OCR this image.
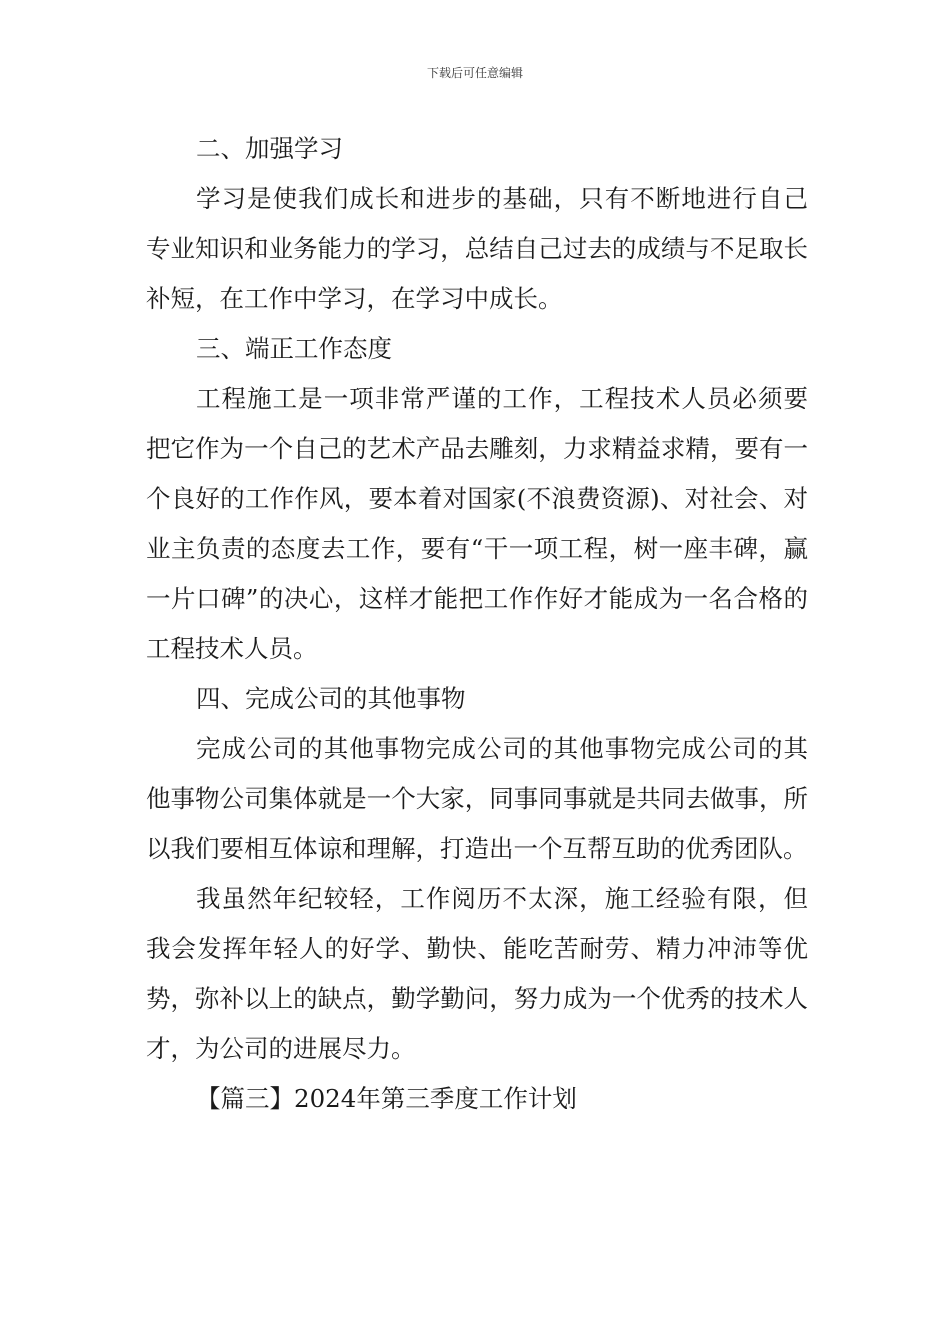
下载后可任意编辑

二、加强学习

学习是使我们成长和进步的基础，只有不断地进行自己专业知识和业务能力的学习，总结自己过去的成绩与不足取长补短，在工作中学习，在学习中成长。

三、端正工作态度

工程施工是一项非常严谨的工作，工程技术人员必须要把它作为一个自己的艺术产品去雕刻，力求精益求精，要有一个良好的工作作风，要本着对国家(不浪费资源)、对社会、对业主负责的态度去工作，要有“干一项工程，树一座丰碑，赢一片口碑”的决心，这样才能把工作作好才能成为一名合格的工程技术人员。

四、完成公司的其他事物

完成公司的其他事物完成公司的其他事物完成公司的其他事物公司集体就是一个大家，同事同事就是共同去做事，所以我们要相互体谅和理解，打造出一个互帮互助的优秀团队。

我虽然年纪较轻，工作阅历不太深，施工经验有限，但我会发挥年轻人的好学、勤快、能吃苦耐劳、精力冲沛等优势，弥补以上的缺点，勤学勤问，努力成为一个优秀的技术人才，为公司的进展尽力。

【篇三】2024年第三季度工作计划
